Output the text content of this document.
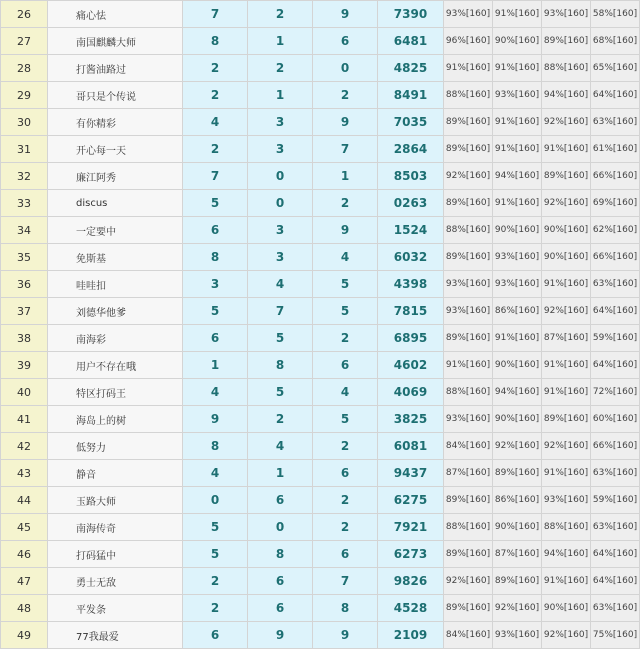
26	痛心怯	7	2	9	7390	93%[160]	91%[160]	93%[160]	58%[160]
27	南国麒麟大师	8	1	6	6481	96%[160]	90%[160]	89%[160]	68%[160]
28	打酱油路过	2	2	0	4825	91%[160]	91%[160]	88%[160]	65%[160]
29	哥只是个传说	2	1	2	8491	88%[160]	93%[160]	94%[160]	64%[160]
30	有你精彩	4	3	9	7035	89%[160]	91%[160]	92%[160]	63%[160]
31	开心每一天	2	3	7	2864	89%[160]	91%[160]	91%[160]	61%[160]
32	廉江阿秀	7	0	1	8503	92%[160]	94%[160]	89%[160]	66%[160]
33	discus	5	0	2	0263	89%[160]	91%[160]	92%[160]	69%[160]
34	一定要中	6	3	9	1524	88%[160]	90%[160]	90%[160]	62%[160]
35	免斯基	8	3	4	6032	89%[160]	93%[160]	90%[160]	66%[160]
36	哇哇扣	3	4	5	4398	93%[160]	93%[160]	91%[160]	63%[160]
37	刘德华他爹	5	7	5	7815	93%[160]	86%[160]	92%[160]	64%[160]
38	南海彩	6	5	2	6895	89%[160]	91%[160]	87%[160]	59%[160]
39	用户不存在哦	1	8	6	4602	91%[160]	90%[160]	91%[160]	64%[160]
40	特区打码王	4	5	4	4069	88%[160]	94%[160]	91%[160]	72%[160]
41	海岛上的树	9	2	5	3825	93%[160]	90%[160]	89%[160]	60%[160]
42	低努力	8	4	2	6081	84%[160]	92%[160]	92%[160]	66%[160]
43	静音	4	1	6	9437	87%[160]	89%[160]	91%[160]	63%[160]
44	玉路大师	0	6	2	6275	89%[160]	86%[160]	93%[160]	59%[160]
45	南海传奇	5	0	2	7921	88%[160]	90%[160]	88%[160]	63%[160]
46	打码猛中	5	8	6	6273	89%[160]	87%[160]	94%[160]	64%[160]
47	勇士无敌	2	6	7	9826	92%[160]	89%[160]	91%[160]	64%[160]
48	平发条	2	6	8	4528	89%[160]	92%[160]	90%[160]	63%[160]
49	77我最爱	6	9	9	2109	84%[160]	93%[160]	92%[160]	75%[160]
